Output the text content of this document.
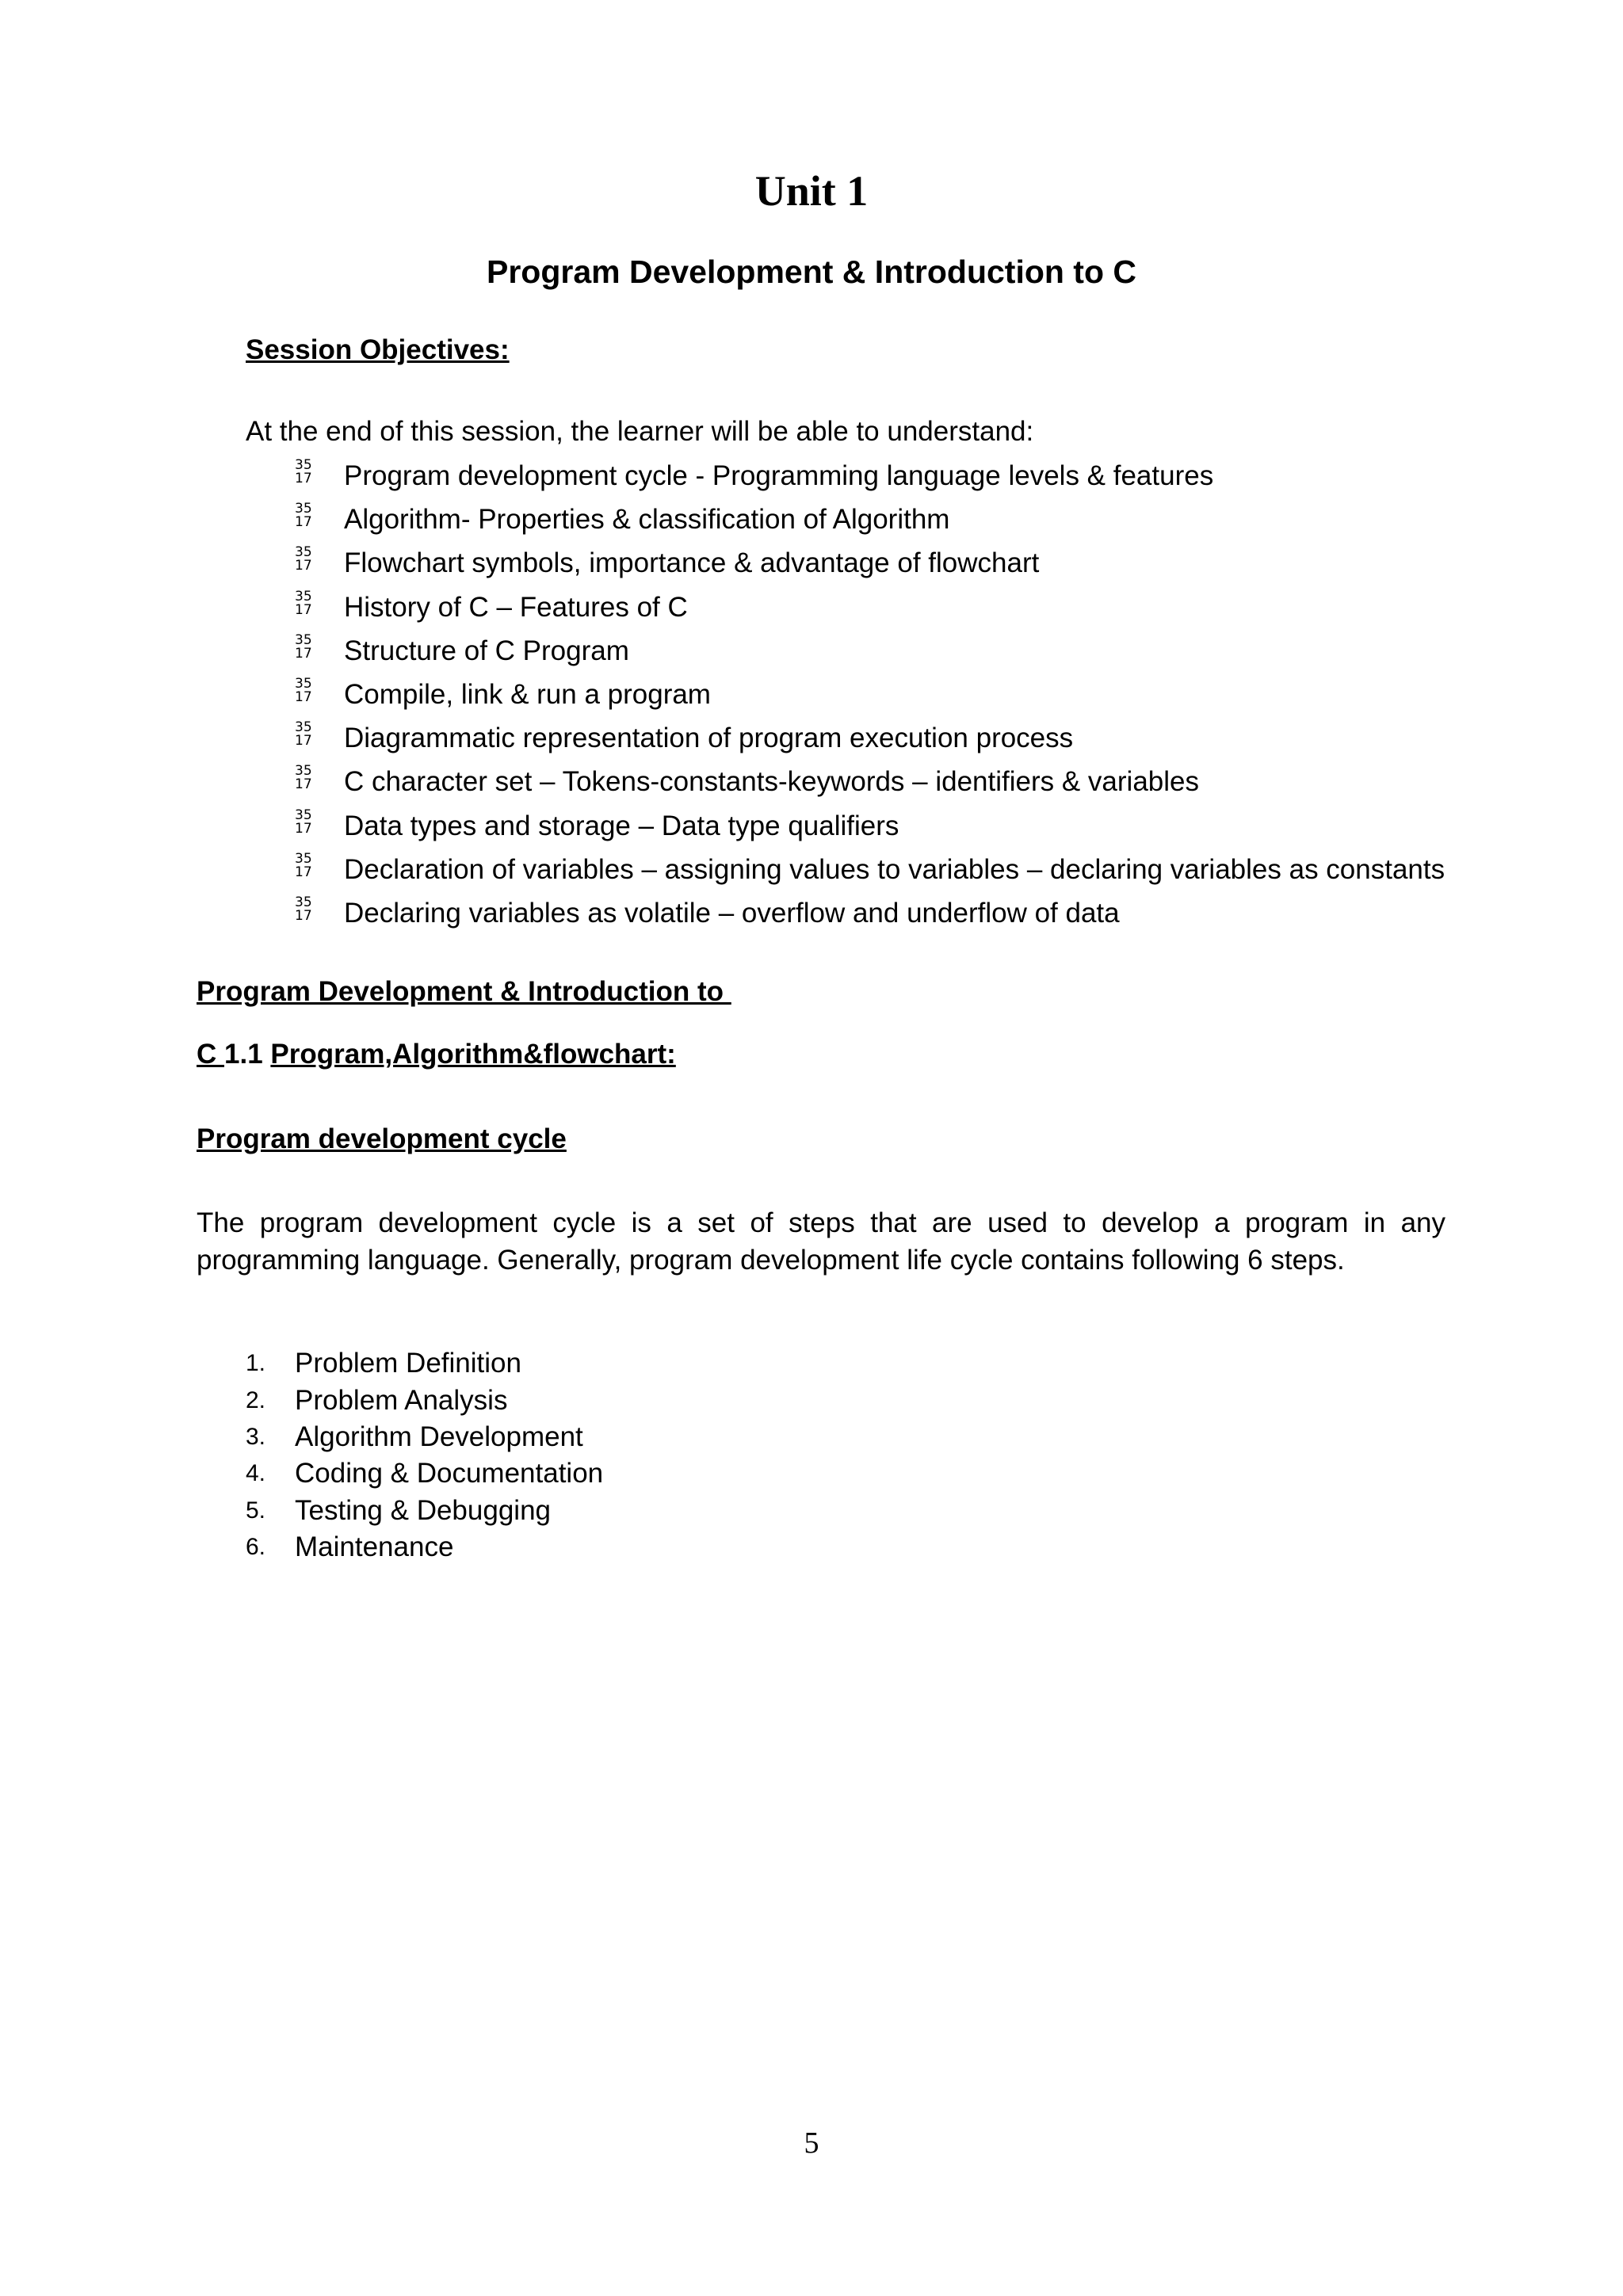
Unit 1
Program Development & Introduction to C
Session Objectives:
At the end of this session, the learner will be able to understand:
35
17	Program development cycle - Programming language levels & features
35
17	Algorithm- Properties & classification of Algorithm
35
17	Flowchart symbols, importance & advantage of flowchart
35
17	History of C – Features of C
35
17	Structure of C Program
35
17	Compile, link & run a program
35
17	Diagrammatic representation of program execution process
35
17	C character set – Tokens-constants-keywords – identifiers & variables
35
17	Data types and storage – Data type qualifiers
35
17	Declaration of variables – assigning values to variables – declaring variables as constants
35
17	Declaring variables as volatile – overflow and underflow of data
Program Development & Introduction to
C 1.1 Program,Algorithm&flowchart:
Program development cycle

The program development cycle is a set of steps that are used to develop a program in any programming language. Generally, program development life cycle contains following 6 steps.

1.	Problem Definition
2.	Problem Analysis
3.	Algorithm Development
4.	Coding & Documentation
5.	Testing & Debugging
6.	Maintenance
5
